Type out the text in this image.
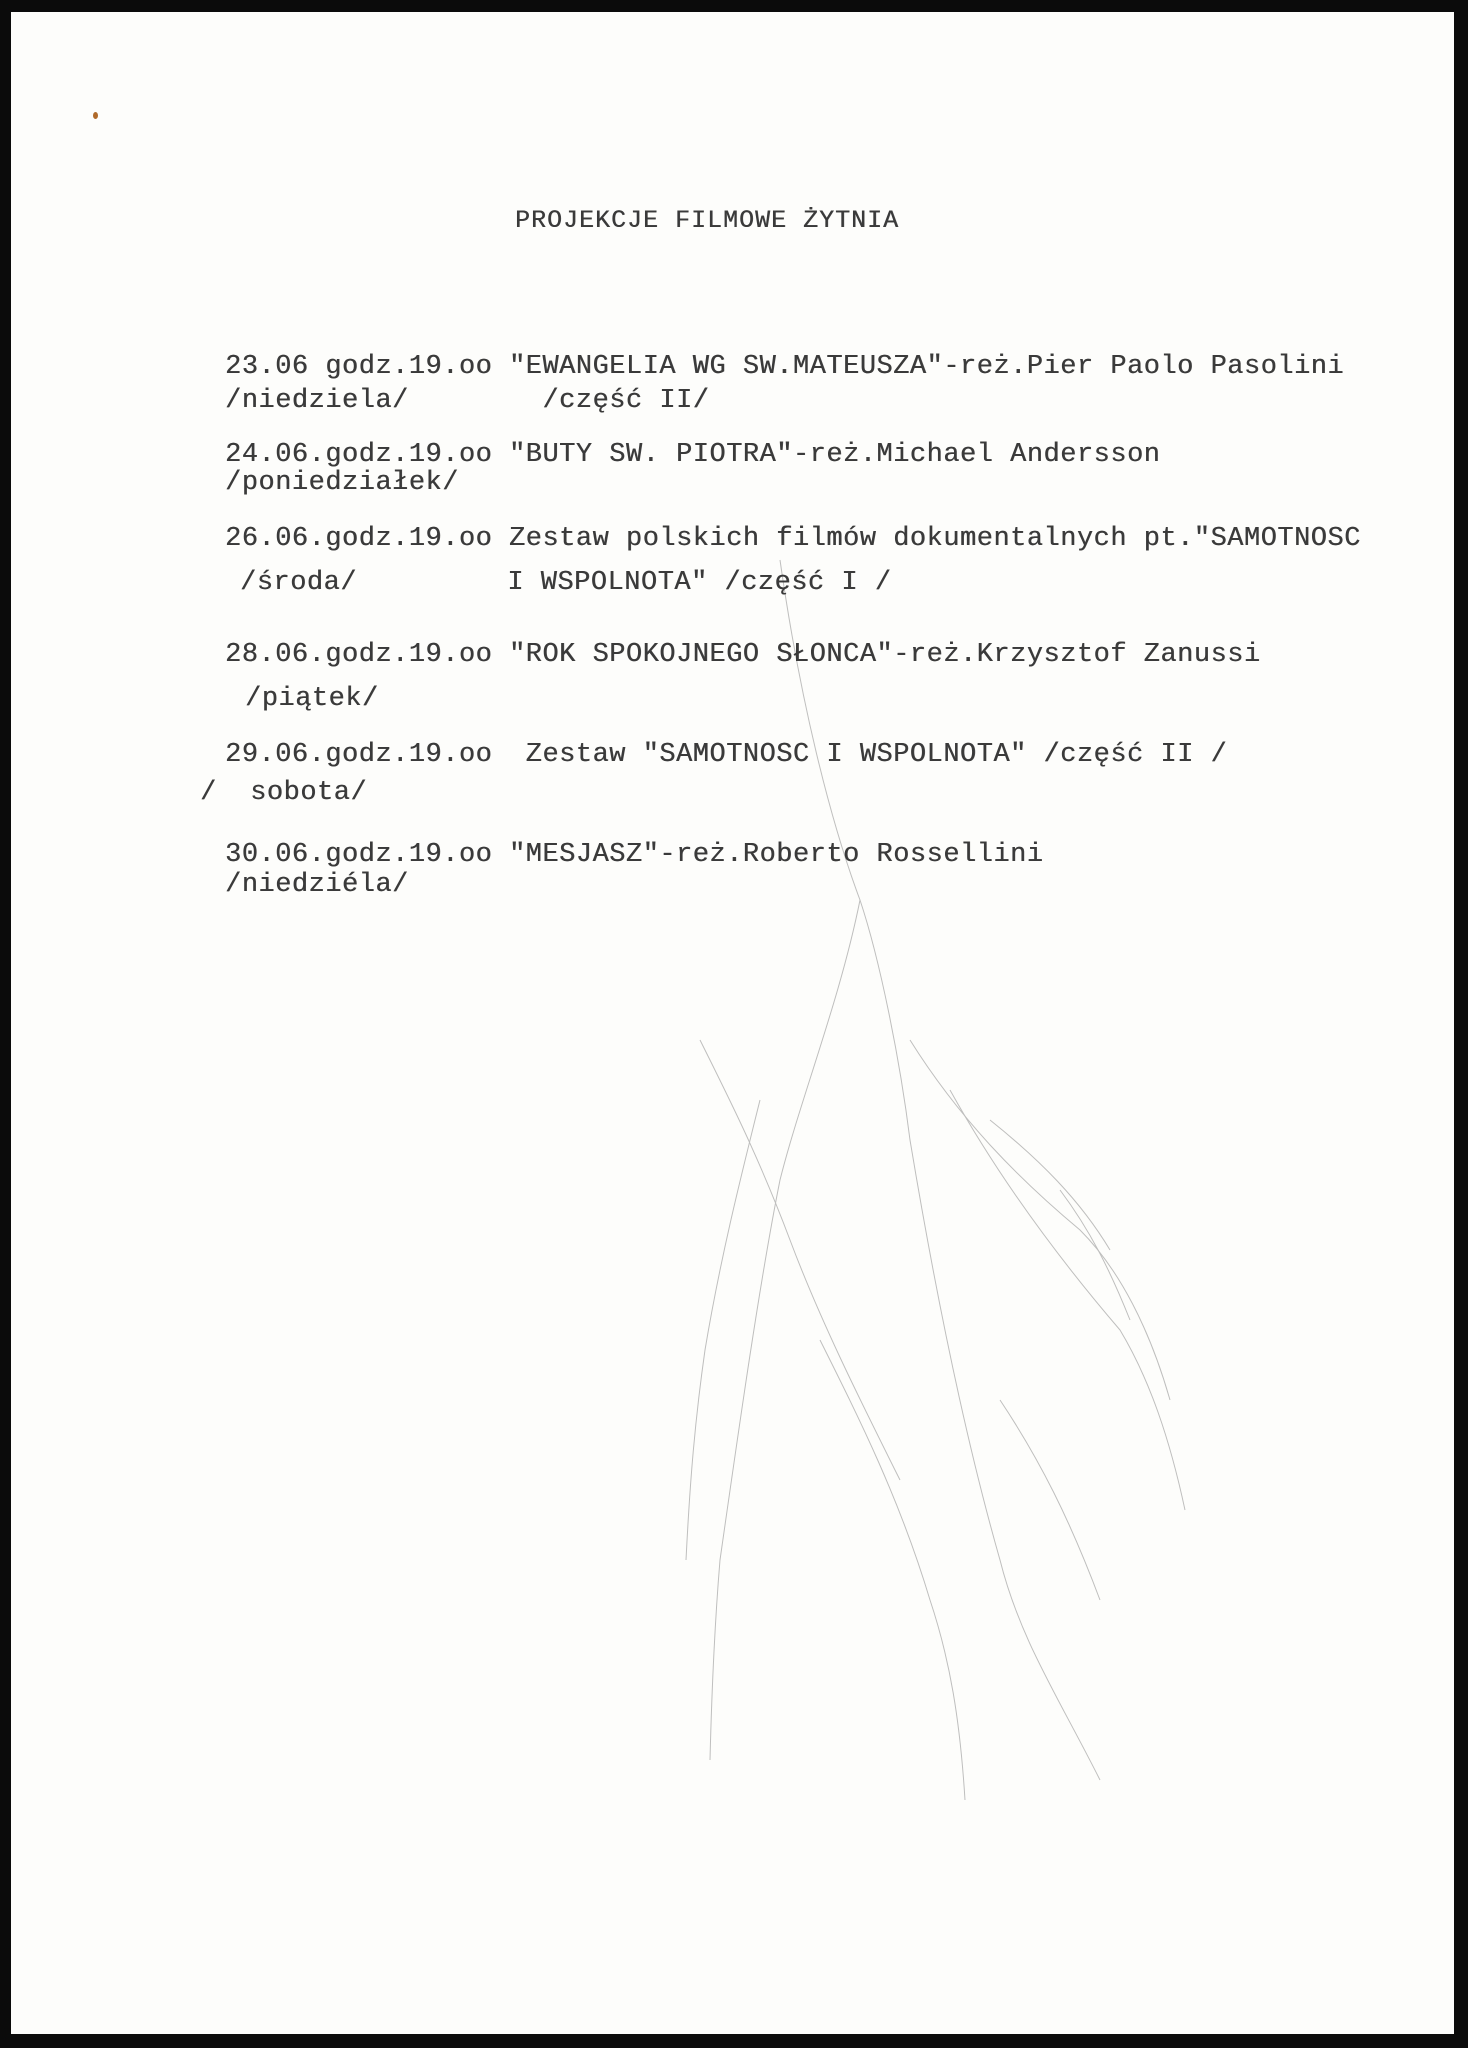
PROJEKCJE FILMOWE ŻYTNIA
23.06 godz.19.oo "EWANGELIA WG SW.MATEUSZA"-reż.Pier Paolo Pasolini
/niedziela/        /część II/
24.06.godz.19.oo "BUTY SW. PIOTRA"-reż.Michael Andersson
/poniedziałek/
26.06.godz.19.oo Zestaw polskich filmów dokumentalnych pt."SAMOTNOSC
/środa/         I WSPOLNOTA" /część I /
28.06.godz.19.oo "ROK SPOKOJNEGO SŁONCA"-reż.Krzysztof Zanussi
/piątek/
29.06.godz.19.oo  Zestaw "SAMOTNOSC I WSPOLNOTA" /część II /
/  sobota/
30.06.godz.19.oo "MESJASZ"-reż.Roberto Rossellini
/niedziéla/
